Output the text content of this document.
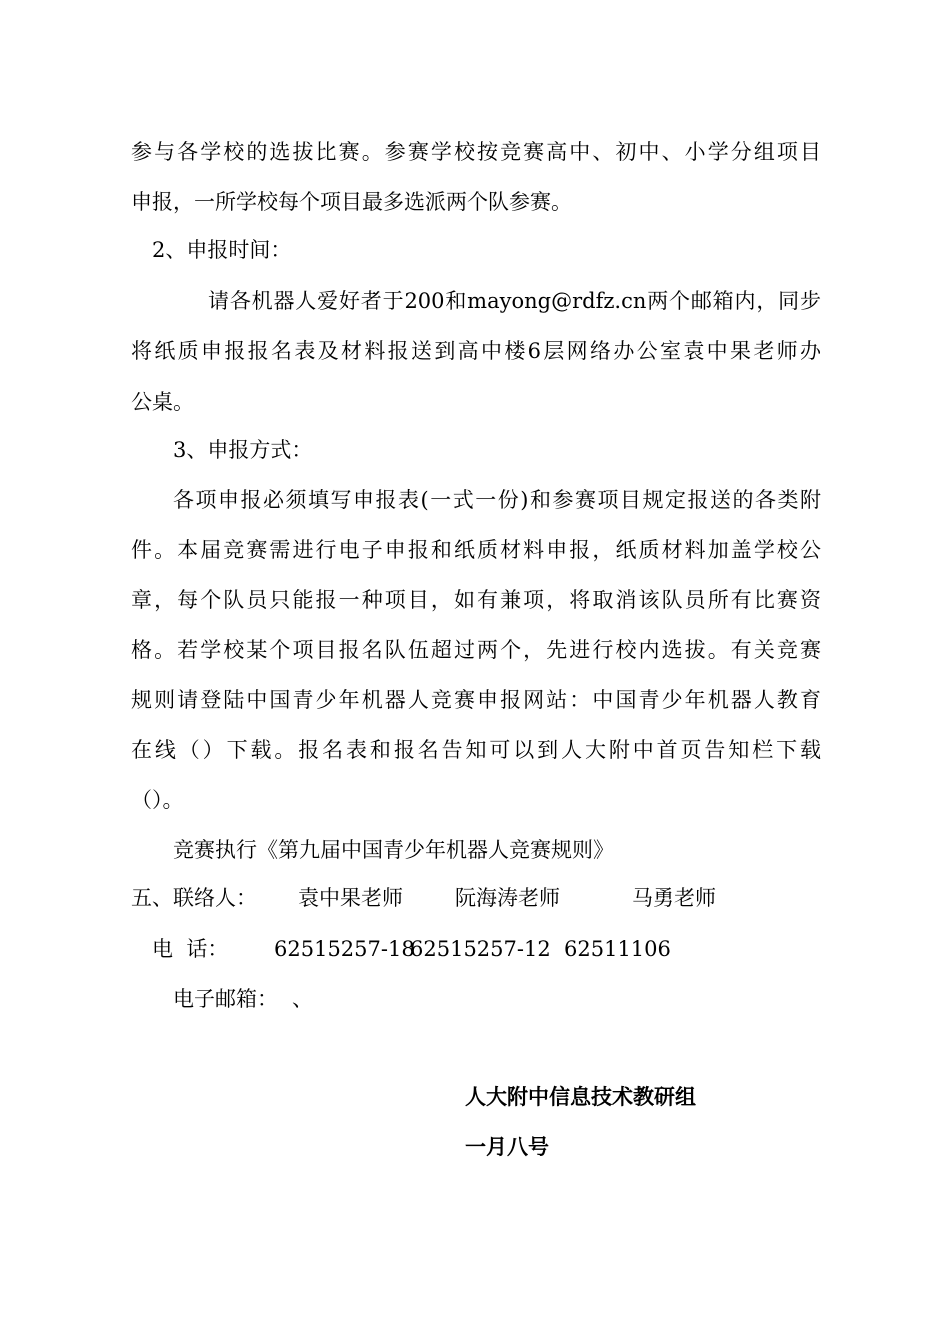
参与各学校的选拔比赛。参赛学校按竞赛高中、初中、小学分组项目
申报，一所学校每个项目最多选派两个队参赛。
2、申报时间：
请各机器人爱好者于200和mayong@rdfz.cn两个邮箱内，同步
将纸质申报报名表及材料报送到高中楼6层网络办公室袁中果老师办
公桌。
3、申报方式：
各项申报必须填写申报表(一式一份)和参赛项目规定报送的各类附
件。本届竞赛需进行电子申报和纸质材料申报，纸质材料加盖学校公
章，每个队员只能报一种项目，如有兼项，将取消该队员所有比赛资
格。若学校某个项目报名队伍超过两个，先进行校内选拔。有关竞赛
规则请登陆中国青少年机器人竞赛申报网站：中国青少年机器人教育
在线（）下载。报名表和报名告知可以到人大附中首页告知栏下载
（）。
竞赛执行《第九届中国青少年机器人竞赛规则》
五、联络人： 袁中果老师 阮海涛老师	马勇老师
电  话： 62515257-18
62515257-12 62511106
电子邮箱： 、
人大附中信息技术教研组
一月八号
